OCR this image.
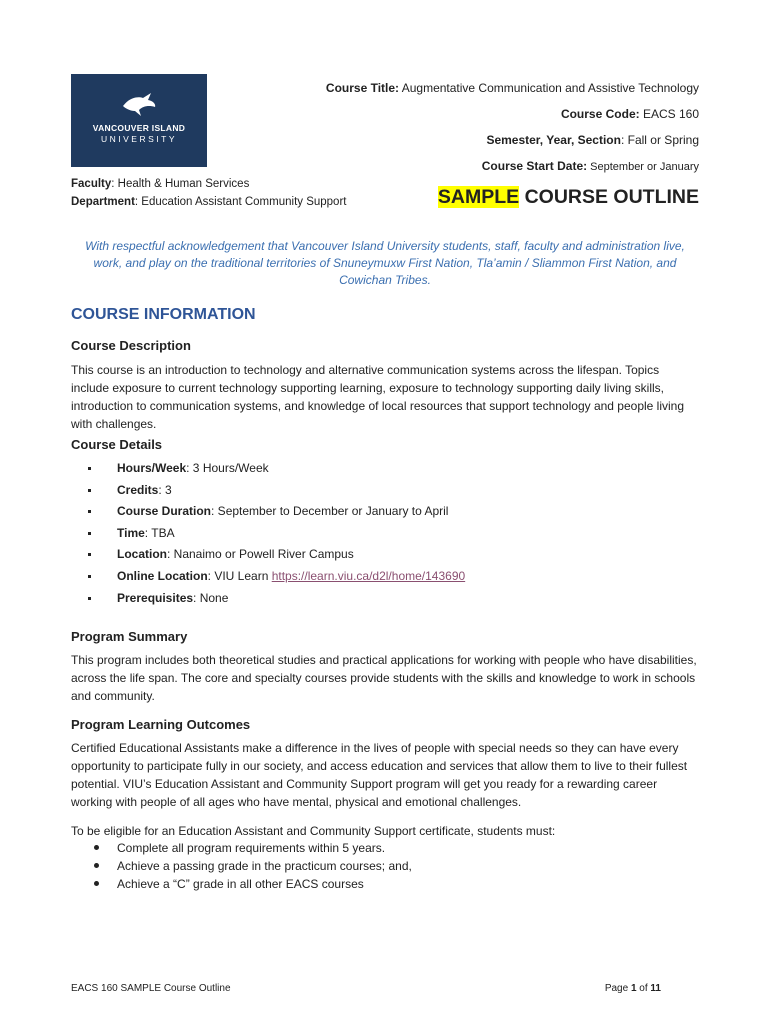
VANCOUVER ISLAND
UNIVERSITY
Course Title: Augmentative Communication and Assistive Technology
Course Code: EACS 160
Semester, Year, Section: Fall or Spring
Course Start Date: September or January
Faculty: Health & Human Services
Department: Education Assistant Community Support	SAMPLE COURSE OUTLINE
With respectful acknowledgement that Vancouver Island University students, staff, faculty and administration live, work, and play on the traditional territories of Snuneymuxw First Nation, Tla’amin / Sliammon First Nation, and Cowichan Tribes.
COURSE INFORMATION
Course Description
This course is an introduction to technology and alternative communication systems across the lifespan. Topics include exposure to current technology supporting learning, exposure to technology supporting daily living skills, introduction to communication systems, and knowledge of local resources that support technology and people living with challenges.
Course Details
Hours/Week: 3 Hours/Week
Credits: 3
Course Duration: September to December or January to April
Time: TBA
Location: Nanaimo or Powell River Campus
Online Location: VIU Learn https://learn.viu.ca/d2l/home/143690
Prerequisites: None
Program Summary
This program includes both theoretical studies and practical applications for working with people who have disabilities, across the life span. The core and specialty courses provide students with the skills and knowledge to work in schools and community.
Program Learning Outcomes
Certified Educational Assistants make a difference in the lives of people with special needs so they can have every opportunity to participate fully in our society, and access education and services that allow them to live to their fullest potential. VIU’s Education Assistant and Community Support program will get you ready for a rewarding career working with people of all ages who have mental, physical and emotional challenges.
To be eligible for an Education Assistant and Community Support certificate, students must:
Complete all program requirements within 5 years.
Achieve a passing grade in the practicum courses; and,
Achieve a “C” grade in all other EACS courses
EACS 160 SAMPLE Course Outline	Page 1 of 11
